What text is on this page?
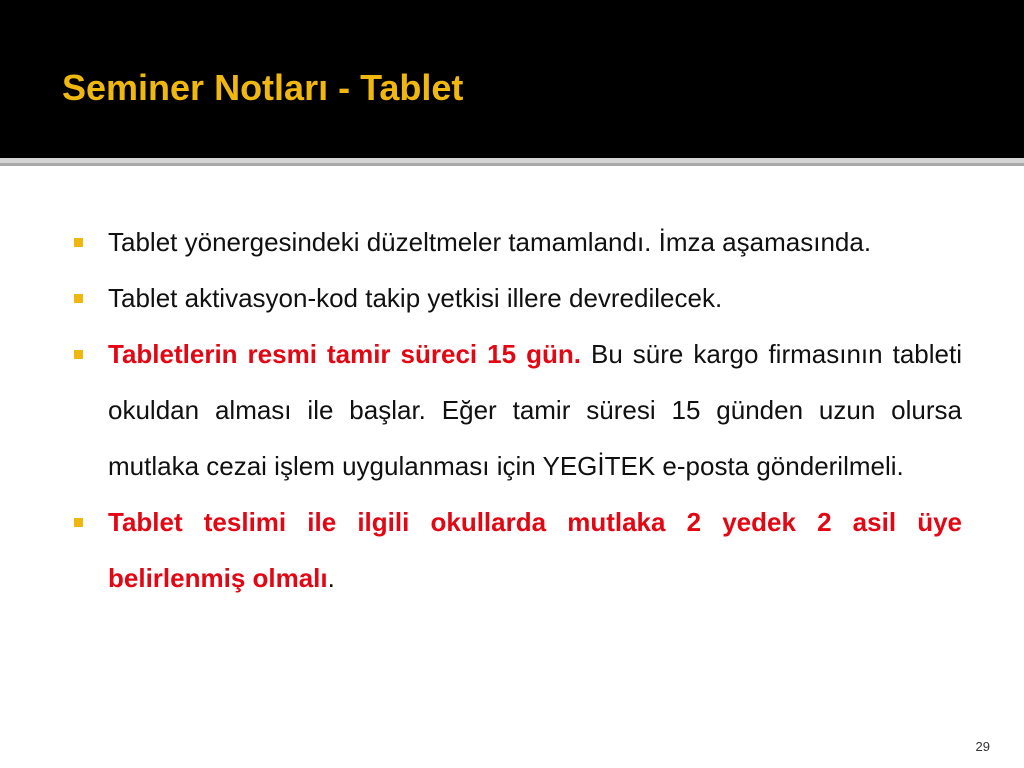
Seminer Notları - Tablet
Tablet yönergesindeki düzeltmeler tamamlandı. İmza aşamasında.
Tablet aktivasyon-kod takip yetkisi illere devredilecek.
Tabletlerin resmi tamir süreci 15 gün. Bu süre kargo firmasının tableti okuldan alması ile başlar. Eğer tamir süresi 15 günden uzun olursa mutlaka cezai işlem uygulanması için YEGİTEK e-posta gönderilmeli.
Tablet teslimi ile ilgili okullarda mutlaka 2 yedek 2 asil üye belirlenmiş olmalı.
29
